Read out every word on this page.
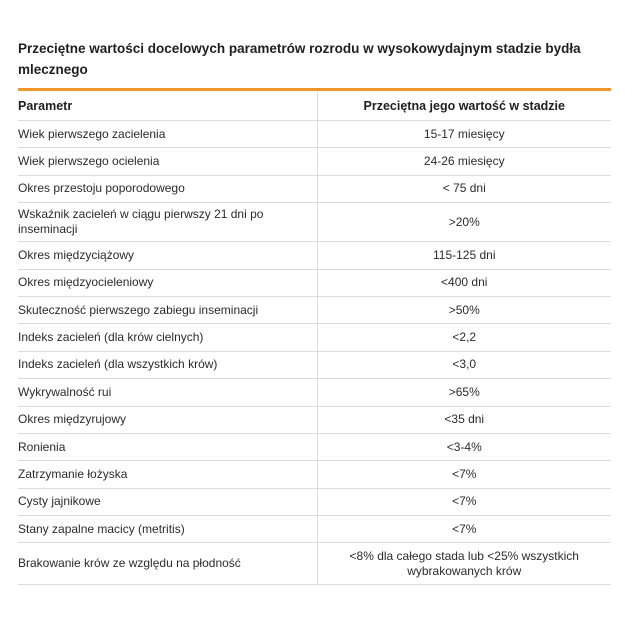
Przeciętne wartości docelowych parametrów rozrodu w wysokowydajnym stadzie bydła mlecznego
Parametr	Przeciętna jego wartość w stadzie
Wiek pierwszego zacielenia	15-17 miesięcy
Wiek pierwszego ocielenia	24-26 miesięcy
Okres przestoju poporodowego	< 75 dni
Wskaźnik zacieleń w ciągu pierwszy 21 dni po inseminacji	>20%
Okres międzyciążowy	115-125 dni
Okres międzyocieleniowy	<400 dni
Skuteczność pierwszego zabiegu inseminacji	>50%
Indeks zacieleń (dla krów cielnych)	<2,2
Indeks zacieleń (dla wszystkich krów)	<3,0
Wykrywalność rui	>65%
Okres międzyrujowy	<35 dni
Ronienia	<3-4%
Zatrzymanie łożyska	<7%
Cysty jajnikowe	<7%
Stany zapalne macicy (metritis)	<7%
Brakowanie krów ze względu na płodność	<8% dla całego stada lub <25% wszystkich wybrakowanych krów
